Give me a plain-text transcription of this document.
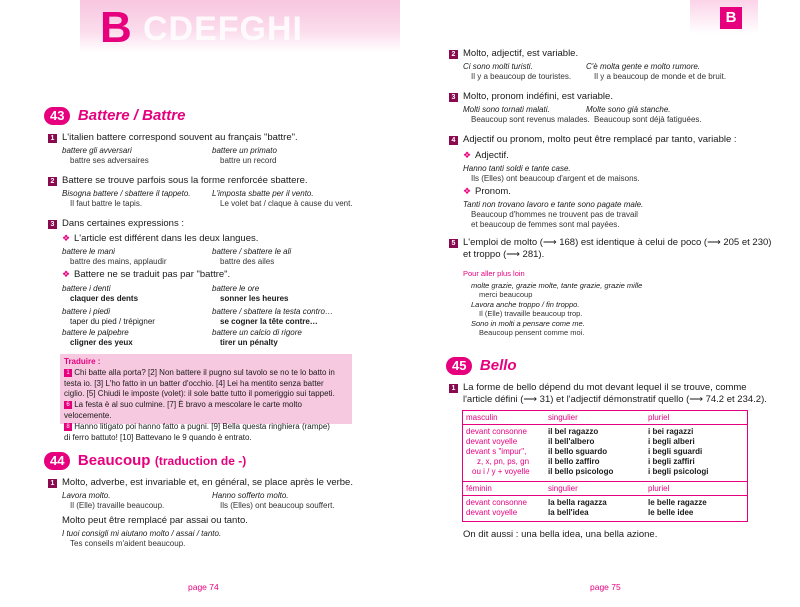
B CDEFGHI	B
43 Battere / Battre
1 L'italien battere correspond souvent au français "battre".
battere gli avversari
battre ses adversaires
battere un primato
battre un record
2 Battere se trouve parfois sous la forme renforcée sbattere.
Bisogna battere / sbattere il tappeto.
Il faut battre le tapis.
L'imposta sbatte per il vento.
Le volet bat / claque à cause du vent.
3 Dans certaines expressions :
❖ L'article est différent dans les deux langues.
battere le mani
battre des mains, applaudir
battere / sbattere le ali
battre des ailes
❖ Battere ne se traduit pas par "battre".
battere i denti
claquer des dents
battere le ore
sonner les heures
battere i piedi
taper du pied / trépigner
battere / sbattere la testa contro…
se cogner la tête contre…
battere le palpebre
cligner des yeux
battere un calcio di rigore
tirer un pénalty
Traduire :
1 Chi batte alla porta? [2] Non battere il pugno sul tavolo se no te lo batto in
testa io. [3] L'ho fatto in un batter d'occhio. [4] Lei ha mentito senza batter
ciglio. [5] Chiudi le imposte (volet): il sole batte tutto il pomeriggio sui tappeti.
6 La festa è al suo culmine. [7] È bravo a mescolare le carte molto velocemente.
8 Hanno litigato poi hanno fatto a pugni. [9] Bella questa ringhiera (rampe)
di ferro battuto! [10] Battevano le 9 quando è entrato.
44 Beaucoup (traduction de -)
1 Molto, adverbe, est invariable et, en général, se place après le verbe.
Lavora molto.
Il (Elle) travaille beaucoup.
Hanno sofferto molto.
Ils (Elles) ont beaucoup souffert.
Molto peut être remplacé par assai ou tanto.
I tuoi consigli mi aiutano molto / assai / tanto.
Tes conseils m'aident beaucoup.
2 Molto, adjectif, est variable.
Ci sono molti turisti.
Il y a beaucoup de touristes.
C'è molta gente e molto rumore.
Il y a beaucoup de monde et de bruit.
3 Molto, pronom indéfini, est variable.
Molti sono tornati malati.
Beaucoup sont revenus malades.
Molte sono già stanche.
Beaucoup sont déjà fatiguées.
4 Adjectif ou pronom, molto peut être remplacé par tanto, variable :
❖ Adjectif.
Hanno tanti soldi e tante case.
Ils (Elles) ont beaucoup d'argent et de maisons.
❖ Pronom.
Tanti non trovano lavoro e tante sono pagate male.
Beaucoup d'hommes ne trouvent pas de travail
et beaucoup de femmes sont mal payées.
5 L'emploi de molto (⟶ 168) est identique à celui de poco (⟶ 205 et 230)
et troppo (⟶ 281).
Pour aller plus loin
molte grazie, grazie molte, tante grazie, grazie mille
merci beaucoup
Lavora anche troppo / fin troppo.
Il (Elle) travaille beaucoup trop.
Sono in molti a pensare come me.
Beaucoup pensent comme moi.
45 Bello
1 La forme de bello dépend du mot devant lequel il se trouve, comme
l'article défini (⟶ 31) et l'adjectif démonstratif quello (⟶ 74.2 et 234.2).
masculin	singulier	pluriel
devant consonne	il bel ragazzo	i bei ragazzi
devant voyelle	il bell'albero	i begli alberi
devant s "impur",	il bello sguardo	i begli sguardi
z, x, pn, ps, gn il bello zaffiro	i begli zaffiri
ou i / y + voyelle il bello psicologo	i begli psicologi
féminin	singulier	pluriel
devant consonne	la bella ragazza	le belle ragazze
devant voyelle	la bell'idea	le belle idee
On dit aussi : una bella idea, una bella azione.
page 74	page 75
